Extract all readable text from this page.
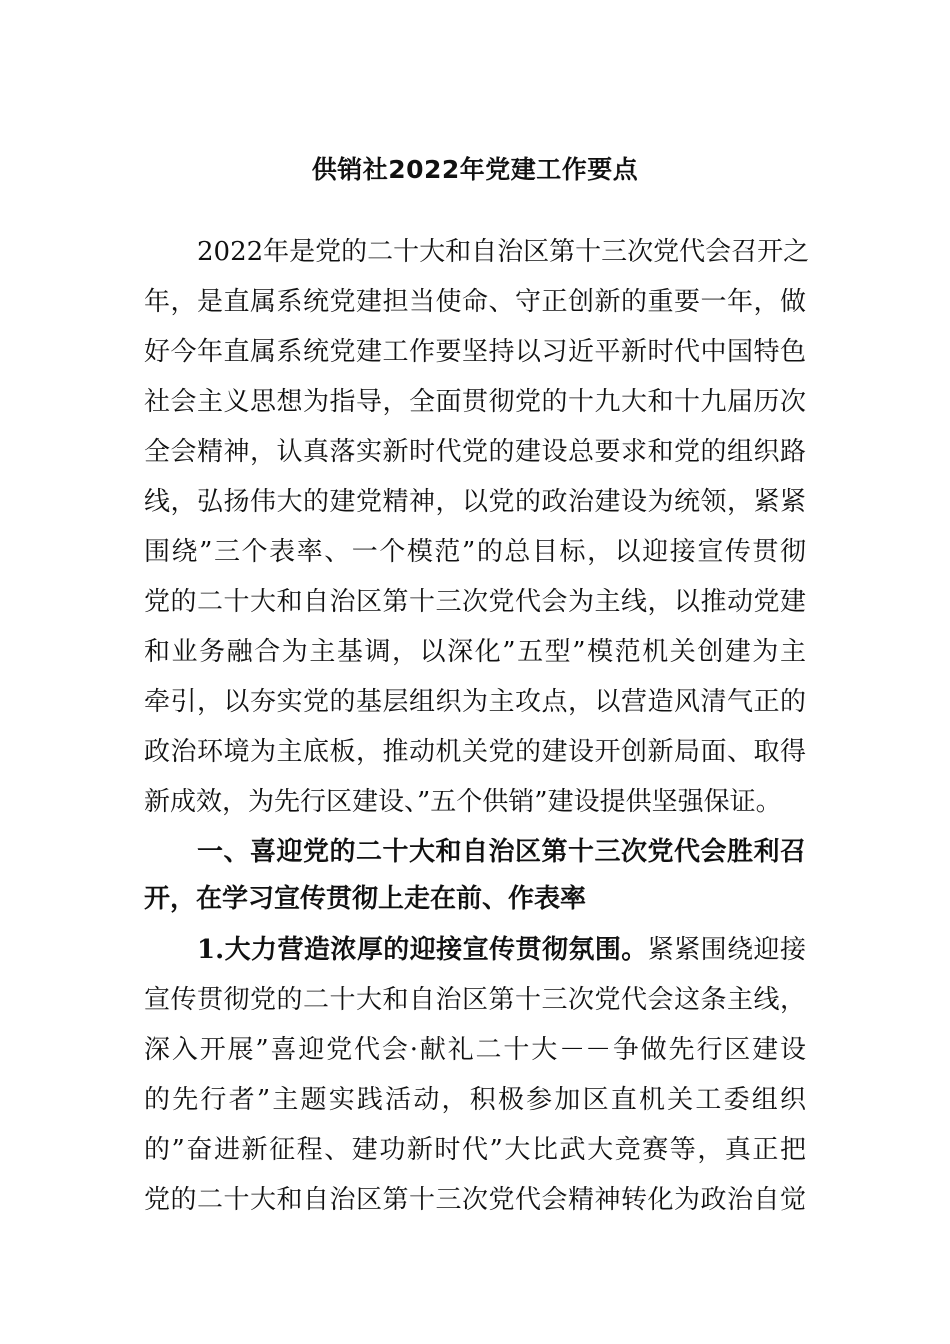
供销社2022年党建工作要点
2022年是党的二十大和自治区第十三次党代会召开之
年，是直属系统党建担当使命、守正创新的重要一年，做
好今年直属系统党建工作要坚持以习近平新时代中国特色
社会主义思想为指导，全面贯彻党的十九大和十九届历次
全会精神，认真落实新时代党的建设总要求和党的组织路
线，弘扬伟大的建党精神，以党的政治建设为统领，紧紧
围绕”三个表率、一个模范”的总目标，以迎接宣传贯彻
党的二十大和自治区第十三次党代会为主线，以推动党建
和业务融合为主基调，以深化”五型”模范机关创建为主
牵引，以夯实党的基层组织为主攻点，以营造风清气正的
政治环境为主底板，推动机关党的建设开创新局面、取得
新成效，为先行区建设、”五个供销”建设提供坚强保证。
一、喜迎党的二十大和自治区第十三次党代会胜利召
开，在学习宣传贯彻上走在前、作表率
1.大力营造浓厚的迎接宣传贯彻氛围。紧紧围绕迎接
宣传贯彻党的二十大和自治区第十三次党代会这条主线，
深入开展”喜迎党代会·献礼二十大－－争做先行区建设
的先行者”主题实践活动，积极参加区直机关工委组织
的”奋进新征程、建功新时代”大比武大竞赛等，真正把
党的二十大和自治区第十三次党代会精神转化为政治自觉
